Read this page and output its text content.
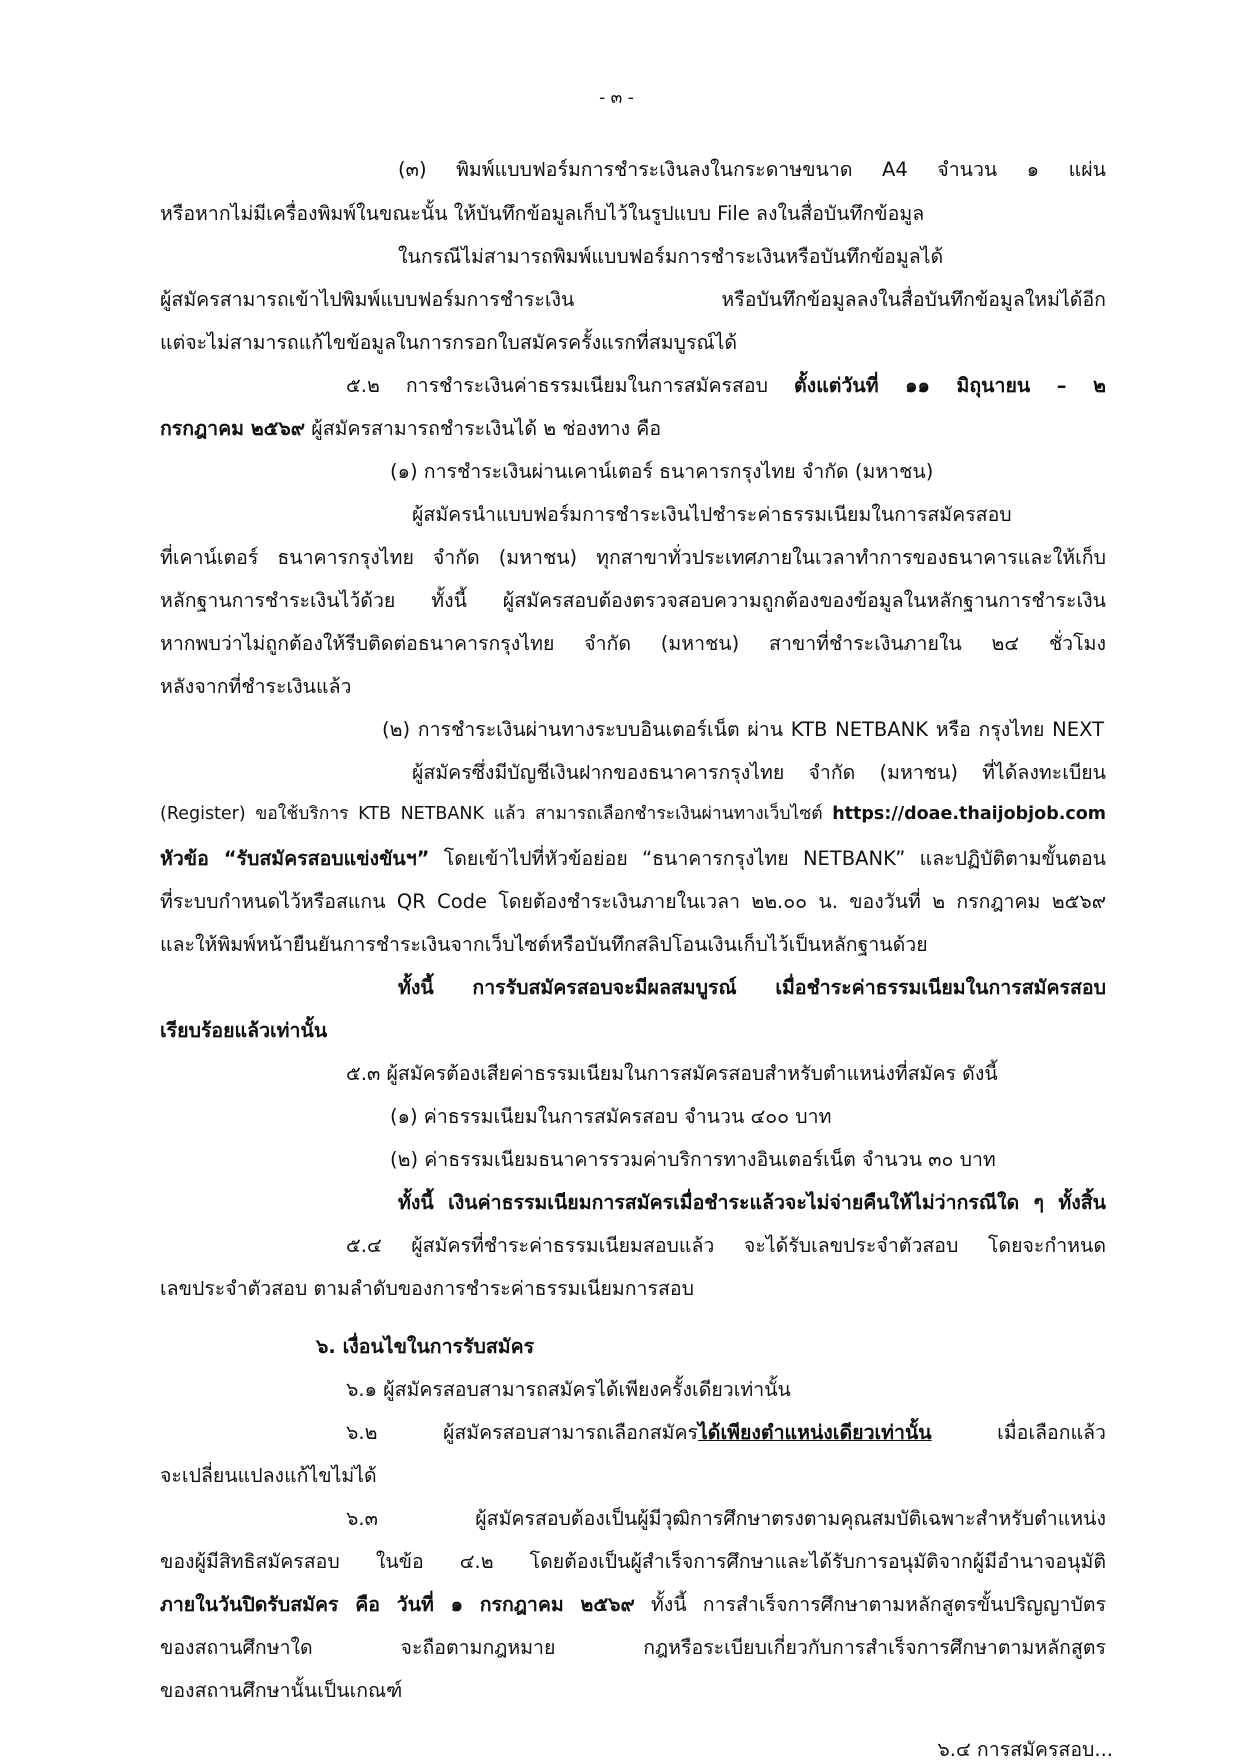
- ๓ -
(๓) พิมพ์แบบฟอร์มการชำระเงินลงในกระดาษขนาด A4 จำนวน ๑ แผ่น
หรือหากไม่มีเครื่องพิมพ์ในขณะนั้น ให้บันทึกข้อมูลเก็บไว้ในรูปแบบ File ลงในสื่อบันทึกข้อมูล
ในกรณีไม่สามารถพิมพ์แบบฟอร์มการชำระเงินหรือบันทึกข้อมูลได้
ผู้สมัครสามารถเข้าไปพิมพ์แบบฟอร์มการชำระเงิน หรือบันทึกข้อมูลลงในสื่อบันทึกข้อมูลใหม่ได้อีก
แต่จะไม่สามารถแก้ไขข้อมูลในการกรอกใบสมัครครั้งแรกที่สมบูรณ์ได้
๕.๒ การชำระเงินค่าธรรมเนียมในการสมัครสอบ ตั้งแต่วันที่ ๑๑ มิถุนายน – ๒
กรกฎาคม ๒๕๖๙ ผู้สมัครสามารถชำระเงินได้ ๒ ช่องทาง คือ
(๑) การชำระเงินผ่านเคาน์เตอร์ ธนาคารกรุงไทย จำกัด (มหาชน)
ผู้สมัครนำแบบฟอร์มการชำระเงินไปชำระค่าธรรมเนียมในการสมัครสอบ
ที่เคาน์เตอร์ ธนาคารกรุงไทย จำกัด (มหาชน) ทุกสาขาทั่วประเทศภายในเวลาทำการของธนาคารและให้เก็บ
หลักฐานการชำระเงินไว้ด้วย ทั้งนี้ ผู้สมัครสอบต้องตรวจสอบความถูกต้องของข้อมูลในหลักฐานการชำระเงิน
หากพบว่าไม่ถูกต้องให้รีบติดต่อธนาคารกรุงไทย จำกัด (มหาชน) สาขาที่ชำระเงินภายใน ๒๔ ชั่วโมง
หลังจากที่ชำระเงินแล้ว
(๒) การชำระเงินผ่านทางระบบอินเตอร์เน็ต ผ่าน KTB NETBANK หรือ กรุงไทย NEXT
ผู้สมัครซึ่งมีบัญชีเงินฝากของธนาคารกรุงไทย จำกัด (มหาชน) ที่ได้ลงทะเบียน
(Register) ขอใช้บริการ KTB NETBANK แล้ว สามารถเลือกชำระเงินผ่านทางเว็บไซต์ https://doae.thaijobjob.com
หัวข้อ “รับสมัครสอบแข่งขันฯ” โดยเข้าไปที่หัวข้อย่อย “ธนาคารกรุงไทย NETBANK” และปฏิบัติตามขั้นตอน
ที่ระบบกำหนดไว้หรือสแกน QR Code โดยต้องชำระเงินภายในเวลา ๒๒.๐๐ น. ของวันที่ ๒ กรกฎาคม ๒๕๖๙
และให้พิมพ์หน้ายืนยันการชำระเงินจากเว็บไซต์หรือบันทึกสลิปโอนเงินเก็บไว้เป็นหลักฐานด้วย
ทั้งนี้ การรับสมัครสอบจะมีผลสมบูรณ์ เมื่อชำระค่าธรรมเนียมในการสมัครสอบ
เรียบร้อยแล้วเท่านั้น
๕.๓ ผู้สมัครต้องเสียค่าธรรมเนียมในการสมัครสอบสำหรับตำแหน่งที่สมัคร ดังนี้
(๑) ค่าธรรมเนียมในการสมัครสอบ จำนวน ๔๐๐ บาท
(๒) ค่าธรรมเนียมธนาคารรวมค่าบริการทางอินเตอร์เน็ต จำนวน ๓๐ บาท
ทั้งนี้ เงินค่าธรรมเนียมการสมัครเมื่อชำระแล้วจะไม่จ่ายคืนให้ไม่ว่ากรณีใด ๆ ทั้งสิ้น
๕.๔ ผู้สมัครที่ชำระค่าธรรมเนียมสอบแล้ว จะได้รับเลขประจำตัวสอบ โดยจะกำหนด
เลขประจำตัวสอบ ตามลำดับของการชำระค่าธรรมเนียมการสอบ
๖. เงื่อนไขในการรับสมัคร
๖.๑ ผู้สมัครสอบสามารถสมัครได้เพียงครั้งเดียวเท่านั้น
๖.๒ ผู้สมัครสอบสามารถเลือกสมัครได้เพียงตำแหน่งเดียวเท่านั้น เมื่อเลือกแล้ว
จะเปลี่ยนแปลงแก้ไขไม่ได้
๖.๓ ผู้สมัครสอบต้องเป็นผู้มีวุฒิการศึกษาตรงตามคุณสมบัติเฉพาะสำหรับตำแหน่ง
ของผู้มีสิทธิสมัครสอบ ในข้อ ๔.๒ โดยต้องเป็นผู้สำเร็จการศึกษาและได้รับการอนุมัติจากผู้มีอำนาจอนุมัติ
ภายในวันปิดรับสมัคร คือ วันที่ ๑ กรกฎาคม ๒๕๖๙ ทั้งนี้ การสำเร็จการศึกษาตามหลักสูตรขั้นปริญญาบัตร
ของสถานศึกษาใด จะถือตามกฎหมาย กฎหรือระเบียบเกี่ยวกับการสำเร็จการศึกษาตามหลักสูตร
ของสถานศึกษานั้นเป็นเกณฑ์
๖.๔ การสมัครสอบ...
